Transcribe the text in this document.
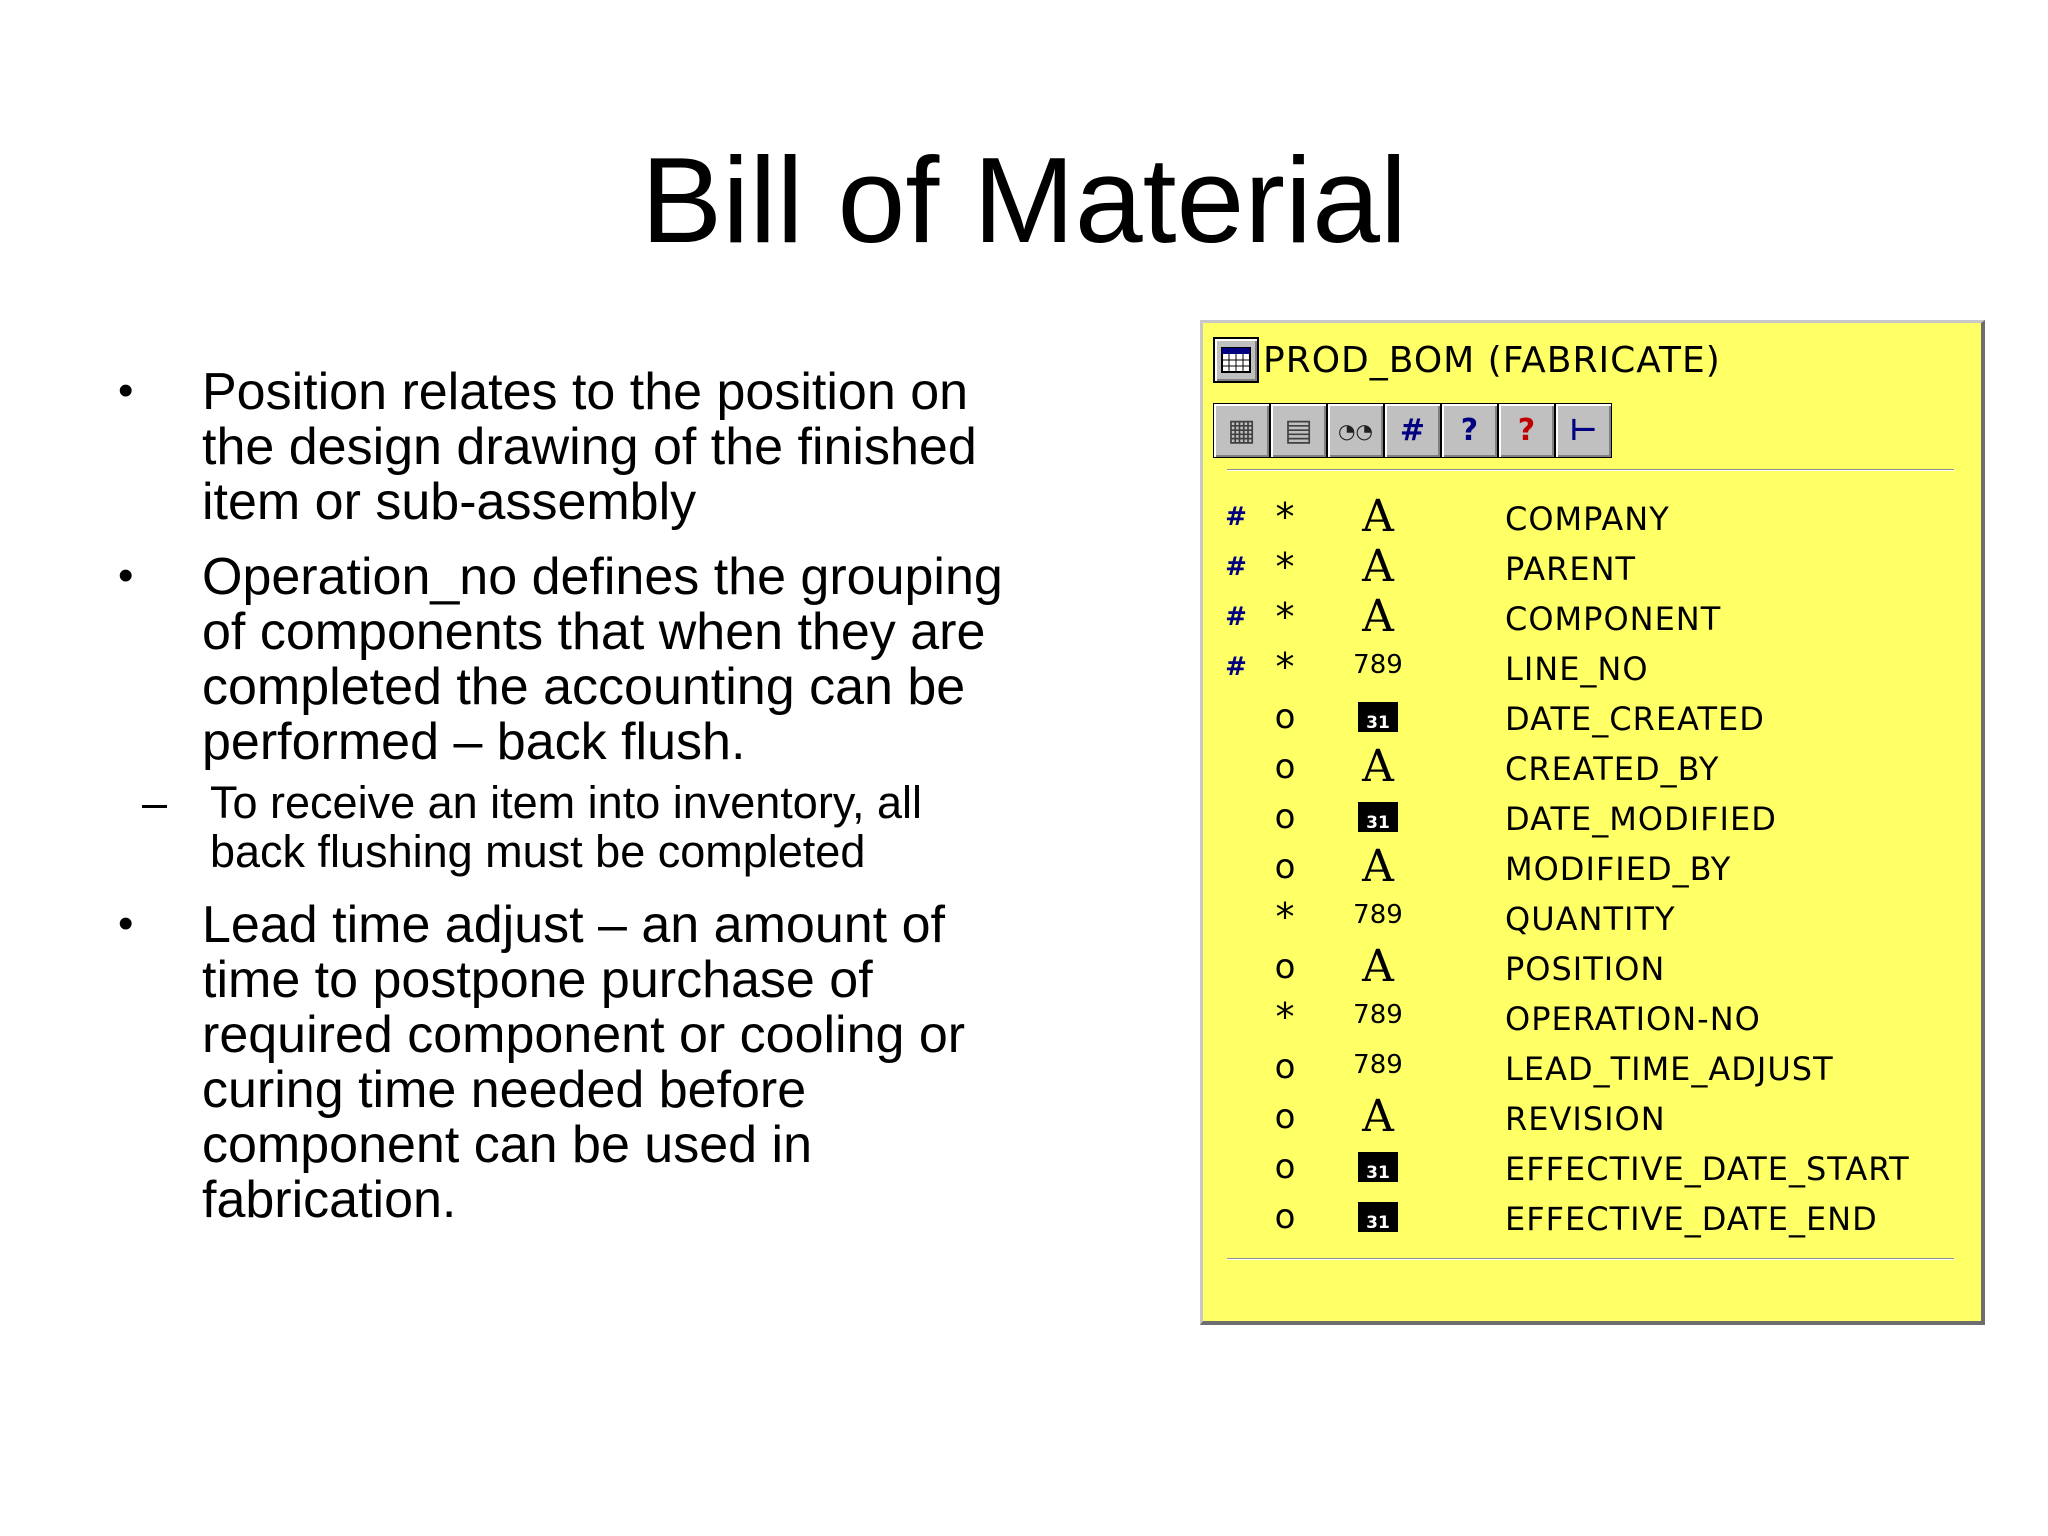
Bill of Material
• Position relates to the position on the design drawing of the finished item or sub-assembly
• Operation_no defines the grouping of components that when they are completed the accounting can be performed – back flush.
– To receive an item into inventory, all back flushing must be completed
• Lead time adjust – an amount of time to postpone purchase of required component or cooling or curing time needed before component can be used in fabrication.
PROD_BOM (FABRICATE)
▦ ▤ ◔◔ # ? ? ⊢
# * A	COMPANY
# * A	PARENT
# * A	COMPONENT
# *	789	LINE_NO
o	31	DATE_CREATED
o A	CREATED_BY
o	31	DATE_MODIFIED
o A	MODIFIED_BY
*	789	QUANTITY
o A	POSITION
*	789	OPERATION-NO
o	789	LEAD_TIME_ADJUST
o A	REVISION
o	31	EFFECTIVE_DATE_START
o	31	EFFECTIVE_DATE_END
